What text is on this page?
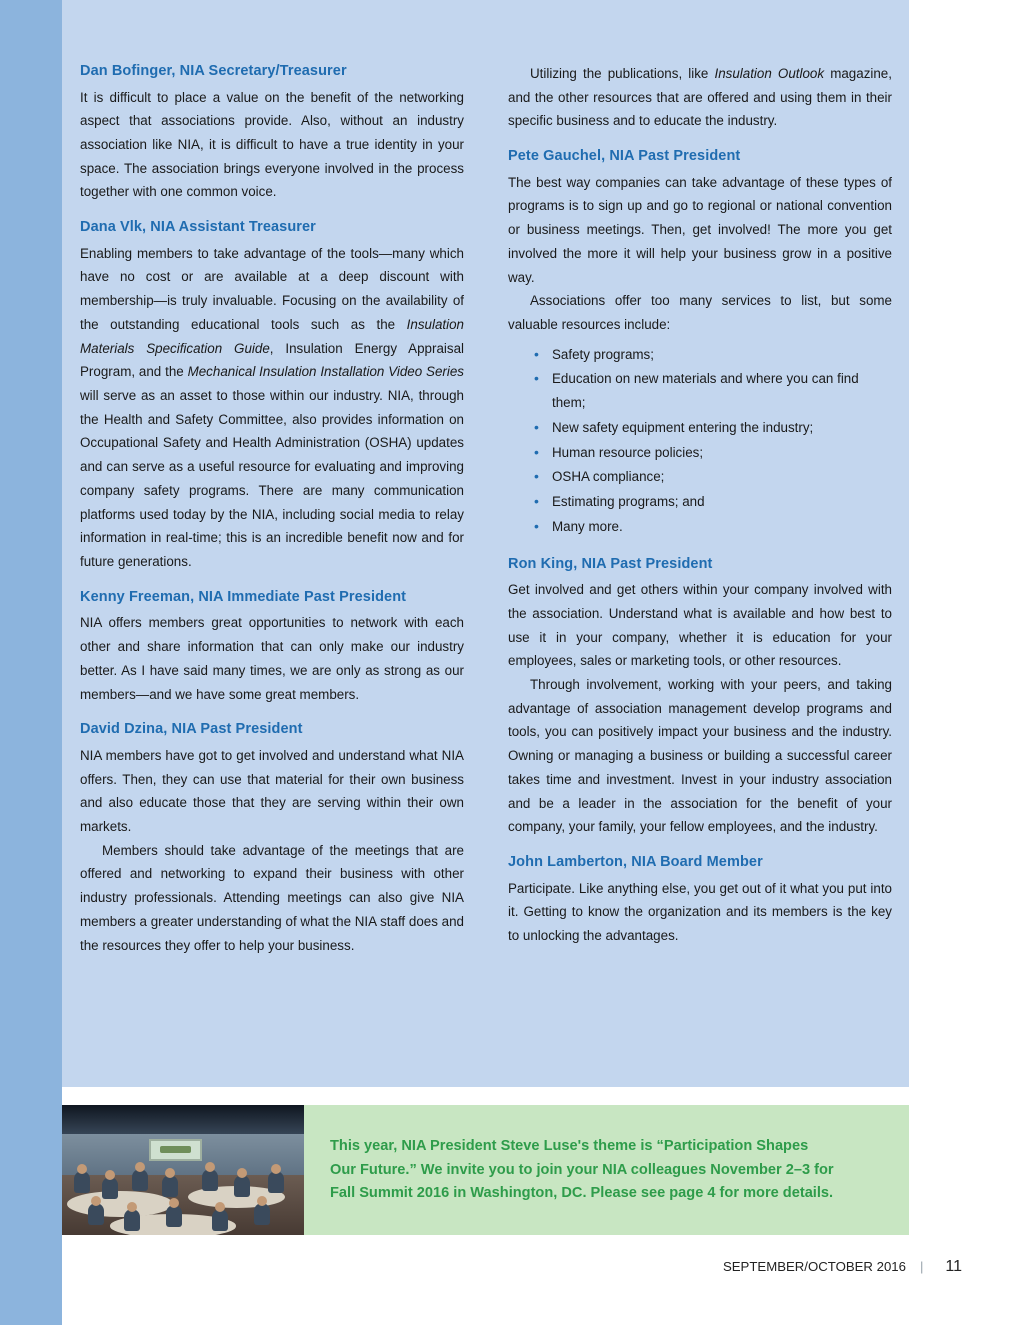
Dan Bofinger, NIA Secretary/Treasurer

It is difficult to place a value on the benefit of the networking aspect that associations provide. Also, without an industry association like NIA, it is difficult to have a true identity in your space. The association brings everyone involved in the process together with one common voice.

Dana Vlk, NIA Assistant Treasurer

Enabling members to take advantage of the tools—many which have no cost or are available at a deep discount with membership—is truly invaluable. Focusing on the availability of the outstanding educational tools such as the Insulation Materials Specification Guide, Insulation Energy Appraisal Program, and the Mechanical Insulation Installation Video Series will serve as an asset to those within our industry. NIA, through the Health and Safety Committee, also provides information on Occupational Safety and Health Administration (OSHA) updates and can serve as a useful resource for evaluating and improving company safety programs. There are many communication platforms used today by the NIA, including social media to relay information in real-time; this is an incredible benefit now and for future generations.

Kenny Freeman, NIA Immediate Past President

NIA offers members great opportunities to network with each other and share information that can only make our industry better. As I have said many times, we are only as strong as our members—and we have some great members.

David Dzina, NIA Past President

NIA members have got to get involved and understand what NIA offers. Then, they can use that material for their own business and also educate those that they are serving within their own markets.

Members should take advantage of the meetings that are offered and networking to expand their business with other industry professionals. Attending meetings can also give NIA members a greater understanding of what the NIA staff does and the resources they offer to help your business.

Utilizing the publications, like Insulation Outlook magazine, and the other resources that are offered and using them in their specific business and to educate the industry.

Pete Gauchel, NIA Past President

The best way companies can take advantage of these types of programs is to sign up and go to regional or national convention or business meetings. Then, get involved! The more you get involved the more it will help your business grow in a positive way.

Associations offer too many services to list, but some valuable resources include:

• Safety programs;
• Education on new materials and where you can find them;
• New safety equipment entering the industry;
• Human resource policies;
• OSHA compliance;
• Estimating programs; and
• Many more.
Ron King, NIA Past President

Get involved and get others within your company involved with the association. Understand what is available and how best to use it in your company, whether it is education for your employees, sales or marketing tools, or other resources.

Through involvement, working with your peers, and taking advantage of association management develop programs and tools, you can positively impact your business and the industry. Owning or managing a business or building a successful career takes time and investment. Invest in your industry association and be a leader in the association for the benefit of your company, your family, your fellow employees, and the industry.

John Lamberton, NIA Board Member

Participate. Like anything else, you get out of it what you put into it. Getting to know the organization and its members is the key to unlocking the advantages.

This year, NIA President Steve Luse's theme is “Participation Shapes

Our Future.” We invite you to join your NIA colleagues November 2–3 for

Fall Summit 2016 in Washington, DC. Please see page 4 for more details.

SEPTEMBER/OCTOBER 2016 | 11
